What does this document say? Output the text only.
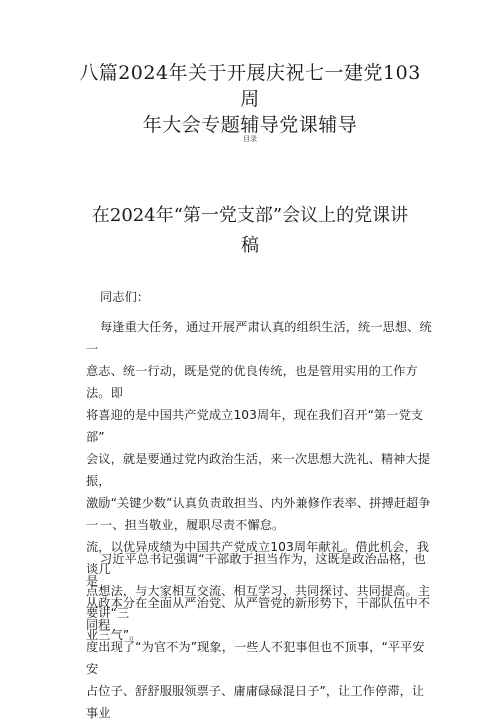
八篇2024年关于开展庆祝七一建党103周
年大会专题辅导党课辅导
目录
在2024年“第一党支部”会议上的党课讲
稿
同志们：
每逢重大任务，通过开展严肃认真的组织生活，统一思想、统一
意志、统一行动，既是党的优良传统，也是管用实用的工作方法。即
将喜迎的是中国共产党成立103周年，现在我们召开“第一党支部”
会议，就是要通过党内政治生活，来一次思想大洗礼、精神大提振，
激励“关键少数”认真负责敢担当、内外兼修作表率、拼搏赶超争一
流，以优异成绩为中国共产党成立103周年献礼。借此机会，我谈几
点想法，与大家相互交流、相互学习、共同探讨、共同提高。主要讲“三
业三气”。
一、担当敬业，履职尽责不懈怠。
习近平总书记强调“干部敢于担当作为，这既是政治品格，也是
从政本分在全面从严治党、从严管党的新形势下，干部队伍中不同程
度出现了“为官不为”现象，一些人不犯事但也不顶事，“平平安安
占位子、舒舒服服领票子、庸庸碌碌混日子”，让工作停滞，让事业
